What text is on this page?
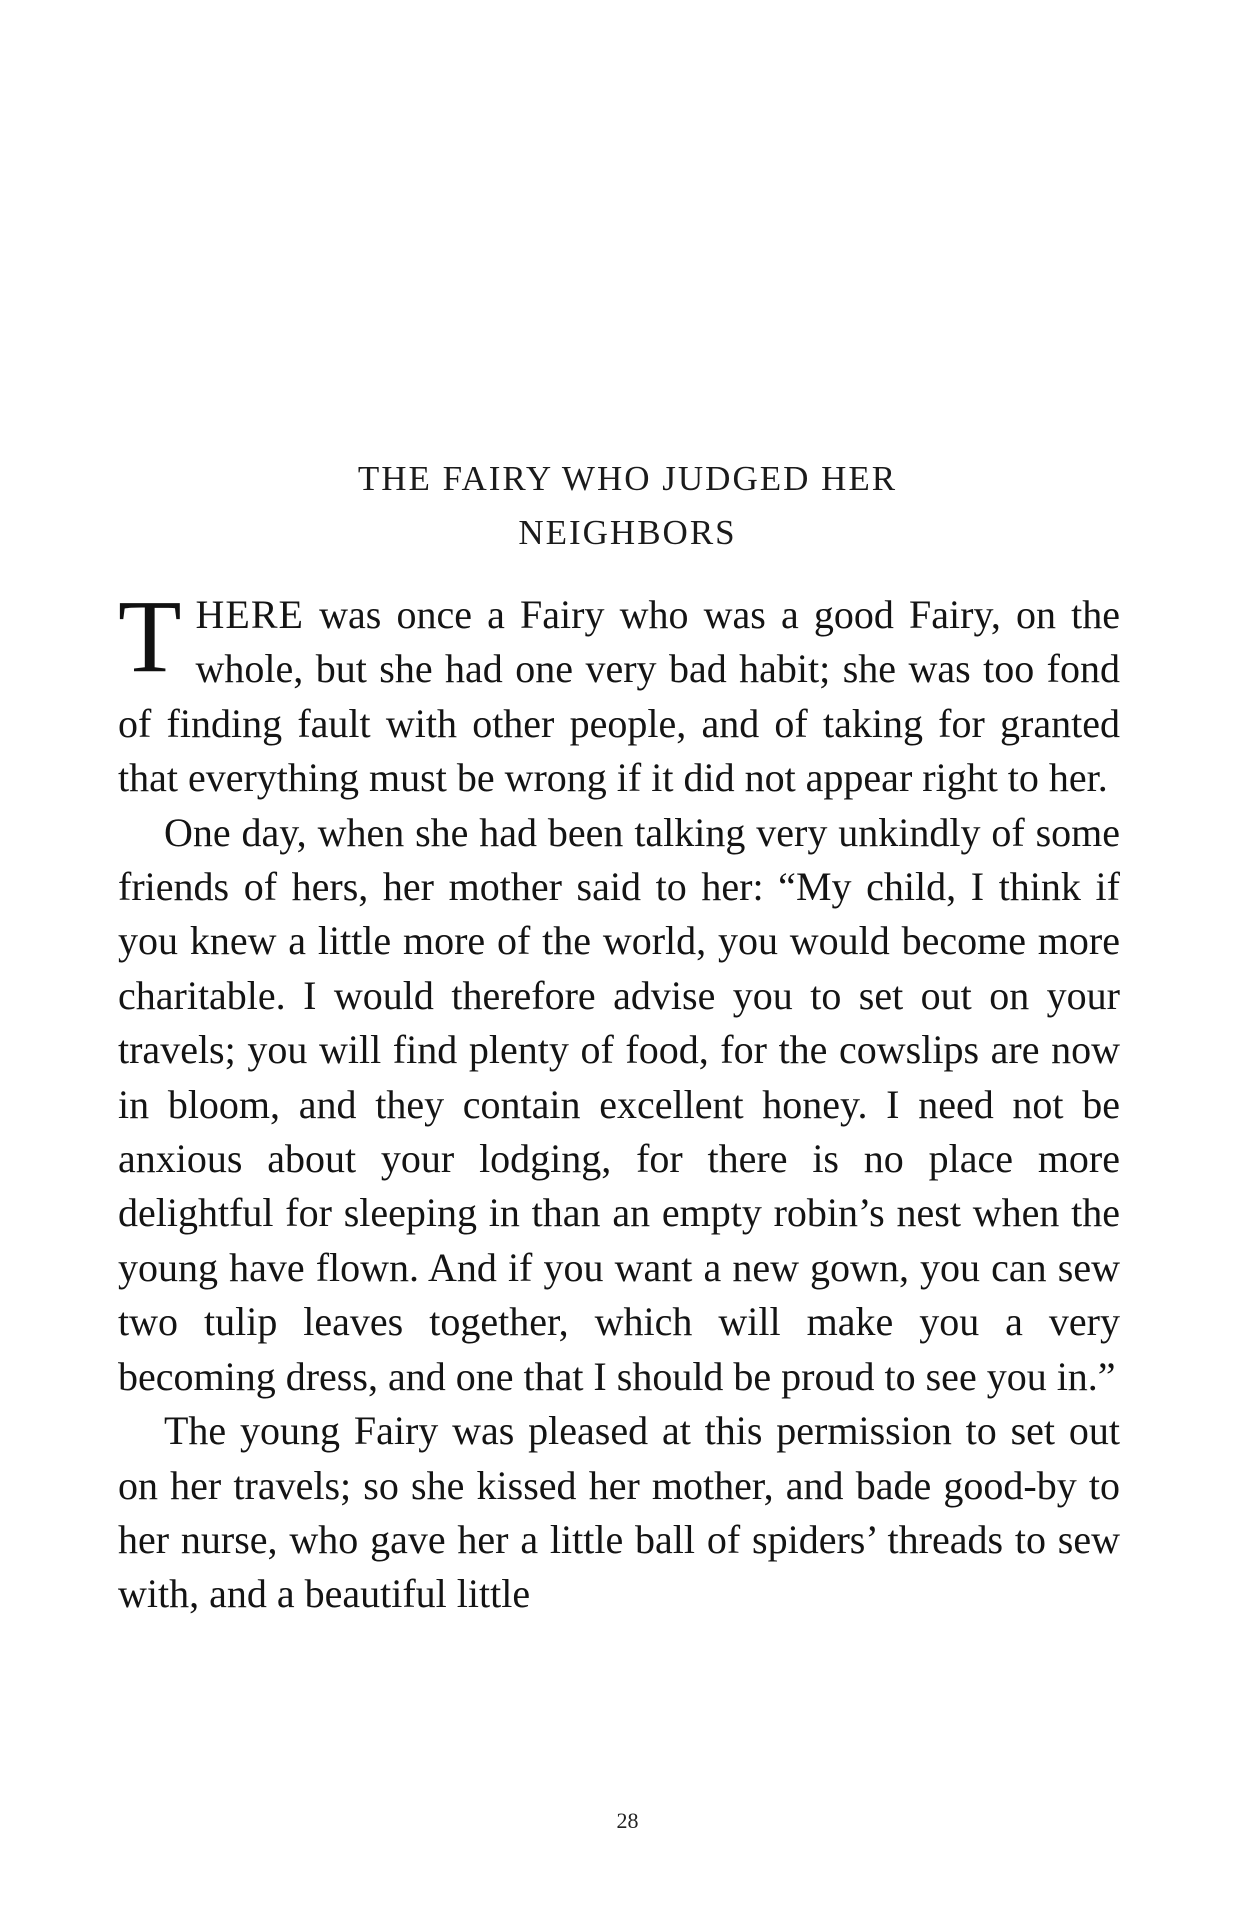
THE FAIRY WHO JUDGED HER
NEIGHBORS

THERE was once a Fairy who was a good Fairy, on the whole, but she had one very bad habit; she was too fond of finding fault with other people, and of taking for granted that everything must be wrong if it did not appear right to her.

One day, when she had been talking very unkindly of some friends of hers, her mother said to her: “My child, I think if you knew a little more of the world, you would become more charitable. I would therefore advise you to set out on your travels; you will find plenty of food, for the cowslips are now in bloom, and they contain excellent honey. I need not be anxious about your lodging, for there is no place more delightful for sleeping in than an empty robin’s nest when the young have flown. And if you want a new gown, you can sew two tulip leaves together, which will make you a very becoming dress, and one that I should be proud to see you in.”

The young Fairy was pleased at this permission to set out on her travels; so she kissed her mother, and bade good-by to her nurse, who gave her a little ball of spiders’ threads to sew with, and a beautiful little

28
